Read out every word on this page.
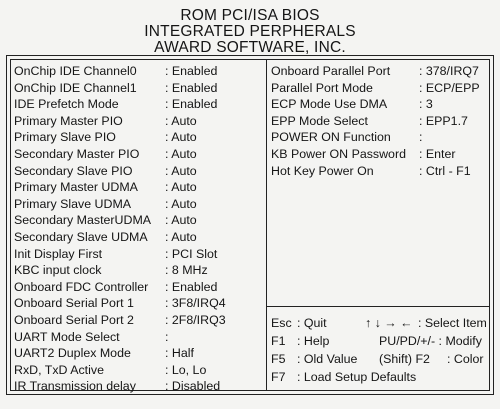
ROM PCI/ISA BIOS
INTEGRATED PERPHERALS
AWARD SOFTWARE, INC.
OnChip IDE Channel0 : Enabled
OnChip IDE Channel1 : Enabled
IDE Prefetch Mode	: Enabled
Primary Master PIO	: Auto
Primary Slave PIO	: Auto
Secondary Master PIO : Auto
Secondary Slave PIO	: Auto
Primary Master UDMA : Auto
Primary Slave UDMA	: Auto
Secondary MasterUDMA : Auto
Secondary Slave UDMA : Auto
Init Display First	: PCI Slot
KBC input clock	: 8 MHz
Onboard FDC Controller : Enabled
Onboard Serial Port 1	: 3F8/IRQ4
Onboard Serial Port 2	: 2F8/IRQ3
UART Mode Select	:
UART2 Duplex Mode	: Half
RxD, TxD Active	: Lo, Lo
IR Transmission delay : Disabled
Onboard Parallel Port : 378/IRQ7
Parallel Port Mode	: ECP/EPP
ECP Mode Use DMA	: 3
EPP Mode Select	: EPP1.7
POWER ON Function :
KB Power ON Password : Enter
Hot Key Power On	: Ctrl - F1
Esc : Quit	↑ ↓ → ← : Select Item
F1 : Help	PU/PD/+/- : Modify
F5 : Old Value (Shift) F2 : Color
F7 : Load Setup Defaults
